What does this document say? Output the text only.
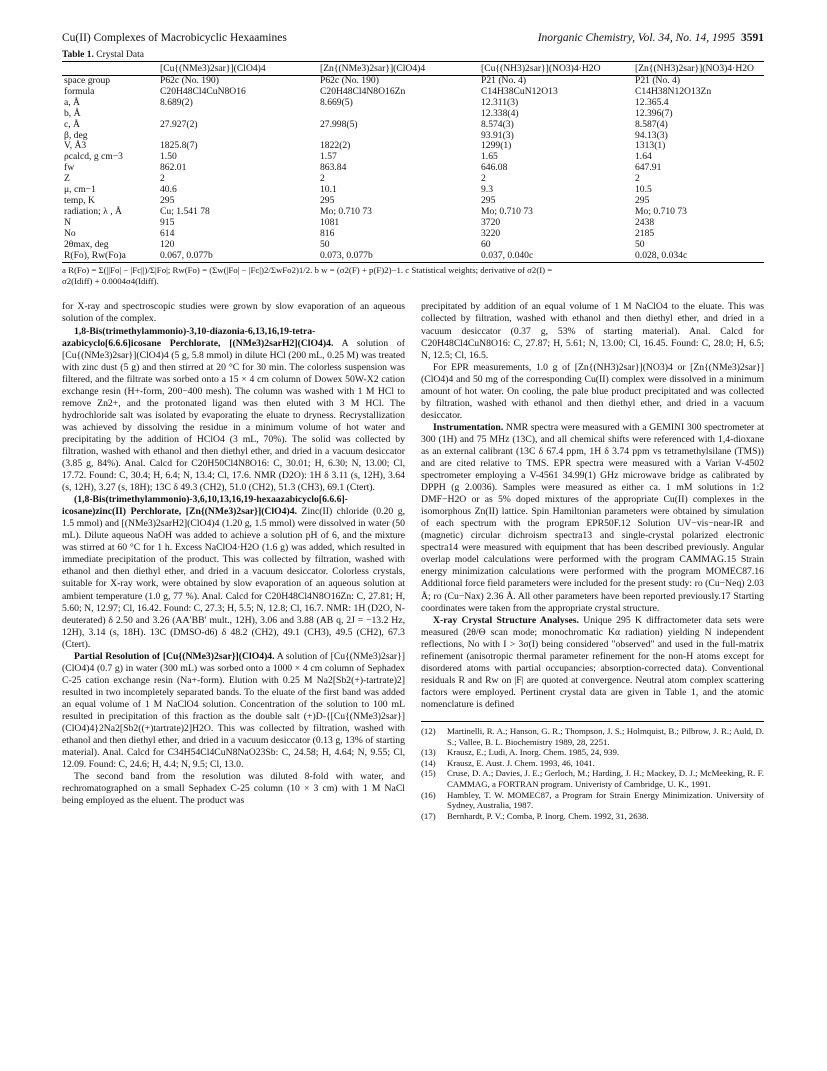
Cu(II) Complexes of Macrobicyclic Hexaamines	Inorganic Chemistry, Vol. 34, No. 14, 1995 3591
Table 1. Crystal Data
	[Cu{(NMe3)2sar}](ClO4)4	[Zn{(NMe3)2sar}](ClO4)4	[Cu{(NH3)2sar}](NO3)4·H2O	[Zn{(NH3)2sar}](NO3)4·H2O
space group	P62c (No. 190)	P62c (No. 190)	P21 (No. 4)	P21 (No. 4)
formula	C20H48Cl4CuN8O16	C20H48Cl4N8O16Zn	C14H38CuN12O13	C14H38N12O13Zn
a, Å	8.689(2)	8.669(5)	12.311(3)	12.365.4
b, Å			12.338(4)	12.396(7)
c, Å	27.927(2)	27.998(5)	8.574(3)	8.587(4)
β, deg			93.91(3)	94.13(3)
V, Å3	1825.8(7)	1822(2)	1299(1)	1313(1)
ρcalcd, g cm−3	1.50	1.57	1.65	1.64
fw	862.01	863.84	646.08	647.91
Z	2	2	2	2
μ, cm−1	40.6	10.1	9.3	10.5
temp, K	295	295	295	295
radiation; λ , Å	Cu; 1.541 78	Mo; 0.710 73	Mo; 0.710 73	Mo; 0.710 73
N	915	1081	3720	2438
No	614	816	3220	2185
2θmax, deg	120	50	60	50
R(Fo), Rw(Fo)a	0.067, 0.077b	0.073, 0.077b	0.037, 0.040c	0.028, 0.034c
a R(Fo) = Σ(||Fo| − |Fc||)/Σ|Fo|; Rw(Fo) = (Σw(|Fo| − |Fc|)2/ΣwFo2)1/2. b w = (σ2(F) + p(F)2)−1. c Statistical weights; derivative of σ2(I) =
σ2(Idiff) + 0.0004σ4(Idiff).

for X-ray and spectroscopic studies were grown by slow evaporation of an aqueous solution of the complex.

1,8-Bis(trimethylammonio)-3,10-diazonia-6,13,16,19-tetra-azabicyclo[6.6.6]icosane Perchlorate, [(NMe3)2sarH2](ClO4)4. A solution of [Cu{(NMe3)2sar}](ClO4)4 (5 g, 5.8 mmol) in dilute HCl (200 mL, 0.25 M) was treated with zinc dust (5 g) and then stirred at 20 °C for 30 min. The colorless suspension was filtered, and the filtrate was sorbed onto a 15 × 4 cm column of Dowex 50W-X2 cation exchange resin (H+-form, 200−400 mesh). The column was washed with 1 M HCl to remove Zn2+, and the protonated ligand was then eluted with 3 M HCl. The hydrochloride salt was isolated by evaporating the eluate to dryness. Recrystallization was achieved by dissolving the residue in a minimum volume of hot water and precipitating by the addition of HClO4 (3 mL, 70%). The solid was collected by filtration, washed with ethanol and then diethyl ether, and dried in a vacuum desiccator (3.85 g, 84%). Anal. Calcd for C20H50Cl4N8O16: C, 30.01; H, 6.30; N, 13.00; Cl, 17.72. Found: C, 30.4; H, 6.4; N, 13.4; Cl, 17.6. NMR (D2O): 1H δ 3.11 (s, 12H), 3.64 (s, 12H), 3.27 (s, 18H); 13C δ 49.3 (CH2), 51.0 (CH2), 51.3 (CH3), 69.1 (Ctert).

(1,8-Bis(trimethylammonio)-3,6,10,13,16,19-hexaazabicyclo[6.6.6]-icosane)zinc(II) Perchlorate, [Zn{(NMe3)2sar}](ClO4)4. Zinc(II) chloride (0.20 g, 1.5 mmol) and [(NMe3)2sarH2](ClO4)4 (1.20 g, 1.5 mmol) were dissolved in water (50 mL). Dilute aqueous NaOH was added to achieve a solution pH of 6, and the mixture was stirred at 60 °C for 1 h. Excess NaClO4·H2O (1.6 g) was added, which resulted in immediate precipitation of the product. This was collected by filtration, washed with ethanol and then diethyl ether, and dried in a vacuum desiccator. Colorless crystals, suitable for X-ray work, were obtained by slow evaporation of an aqueous solution at ambient temperature (1.0 g, 77 %). Anal. Calcd for C20H48Cl4N8O16Zn: C, 27.81; H, 5.60; N, 12.97; Cl, 16.42. Found: C, 27.3; H, 5.5; N, 12.8; Cl, 16.7. NMR: 1H (D2O, N-deuterated) δ 2.50 and 3.26 (AA′BB′ mult., 12H), 3.06 and 3.88 (AB q, 2J = −13.2 Hz, 12H), 3.14 (s, 18H). 13C (DMSO-d6) δ 48.2 (CH2), 49.1 (CH3), 49.5 (CH2), 67.3 (Ctert).

Partial Resolution of [Cu{(NMe3)2sar}](ClO4)4. A solution of [Cu{(NMe3)2sar}](ClO4)4 (0.7 g) in water (300 mL) was sorbed onto a 1000 × 4 cm column of Sephadex C-25 cation exchange resin (Na+-form). Elution with 0.25 M Na2[Sb2(+)-tartrate)2] resulted in two incompletely separated bands. To the eluate of the first band was added an equal volume of 1 M NaClO4 solution. Concentration of the solution to 100 mL resulted in precipitation of this fraction as the double salt (+)D-{[Cu{(NMe3)2sar}](ClO4)4}2Na2[Sb2((+)tartrate)2]H2O. This was collected by filtration, washed with ethanol and then diethyl ether, and dried in a vacuum desiccator (0.13 g, 13% of starting material). Anal. Calcd for C34H54Cl4CuN8NaO23Sb: C, 24.58; H, 4.64; N, 9.55; Cl, 12.09. Found: C, 24.6; H, 4.4; N, 9.5; Cl, 13.0.

The second band from the resolution was diluted 8-fold with water, and rechromatographed on a small Sephadex C-25 column (10 × 3 cm) with 1 M NaCl being employed as the eluent. The product was

precipitated by addition of an equal volume of 1 M NaClO4 to the eluate. This was collected by filtration, washed with ethanol and then diethyl ether, and dried in a vacuum desiccator (0.37 g, 53% of starting material). Anal. Calcd for C20H48Cl4CuN8O16: C, 27.87; H, 5.61; N, 13.00; Cl, 16.45. Found: C, 28.0; H, 6.5; N, 12.5; Cl, 16.5.

For EPR measurements, 1.0 g of [Zn{(NH3)2sar}](NO3)4 or [Zn{(NMe3)2sar}](ClO4)4 and 50 mg of the corresponding Cu(II) complex were dissolved in a minimum amount of hot water. On cooling, the pale blue product precipitated and was collected by filtration, washed with ethanol and then diethyl ether, and dried in a vacuum desiccator.

Instrumentation. NMR spectra were measured with a GEMINI 300 spectrometer at 300 (1H) and 75 MHz (13C), and all chemical shifts were referenced with 1,4-dioxane as an external calibrant (13C δ 67.4 ppm, 1H δ 3.74 ppm vs tetramethylsilane (TMS)) and are cited relative to TMS. EPR spectra were measured with a Varian V-4502 spectrometer employing a V-4561 34.99(1) GHz microwave bridge as calibrated by DPPH (g 2.0036). Samples were measured as either ca. 1 mM solutions in 1:2 DMF−H2O or as 5% doped mixtures of the appropriate Cu(II) complexes in the isomorphous Zn(II) lattice. Spin Hamiltonian parameters were obtained by simulation of each spectrum with the program EPR50F.12 Solution UV−vis−near-IR and (magnetic) circular dichroism spectra13 and single-crystal polarized electronic spectra14 were measured with equipment that has been described previously. Angular overlap model calculations were performed with the program CAMMAG.15 Strain energy minimization calculations were performed with the program MOMEC87.16 Additional force field parameters were included for the present study: ro (Cu−Neq) 2.03 Å; ro (Cu−Nax) 2.36 Å. All other parameters have been reported previously.17 Starting coordinates were taken from the appropriate crystal structure.

X-ray Crystal Structure Analyses. Unique 295 K diffractometer data sets were measured (2θ/Θ scan mode; monochromatic Kα radiation) yielding N independent reflections, No with I > 3σ(I) being considered "observed" and used in the full-matrix refinement (anisotropic thermal parameter refinement for the non-H atoms except for disordered atoms with partial occupancies; absorption-corrected data). Conventional residuals R and Rw on |F| are quoted at convergence. Neutral atom complex scattering factors were employed. Pertinent crystal data are given in Table 1, and the atomic nomenclature is defined

(12)	Martinelli, R. A.; Hanson, G. R.; Thompson, J. S.; Holmquist, B.; Pilbrow, J. R.; Auld, D. S.; Vallee, B. L. Biochemistry 1989, 28, 2251.
(13)	Krausz, E.; Ludi, A. Inorg. Chem. 1985, 24, 939.
(14)	Krausz, E. Aust. J. Chem. 1993, 46, 1041.
(15)	Cruse, D. A.; Davies, J. E.; Gerloch, M.; Harding, J. H.; Mackey, D. J.; McMeeking, R. F. CAMMAG, a FORTRAN program. Univeristy of Cambridge, U. K., 1991.
(16)	Hambley, T. W. MOMEC87, a Program for Strain Energy Minimization. University of Sydney, Australia, 1987.
(17)	Bernhardt, P. V.; Comba, P. Inorg. Chem. 1992, 31, 2638.
